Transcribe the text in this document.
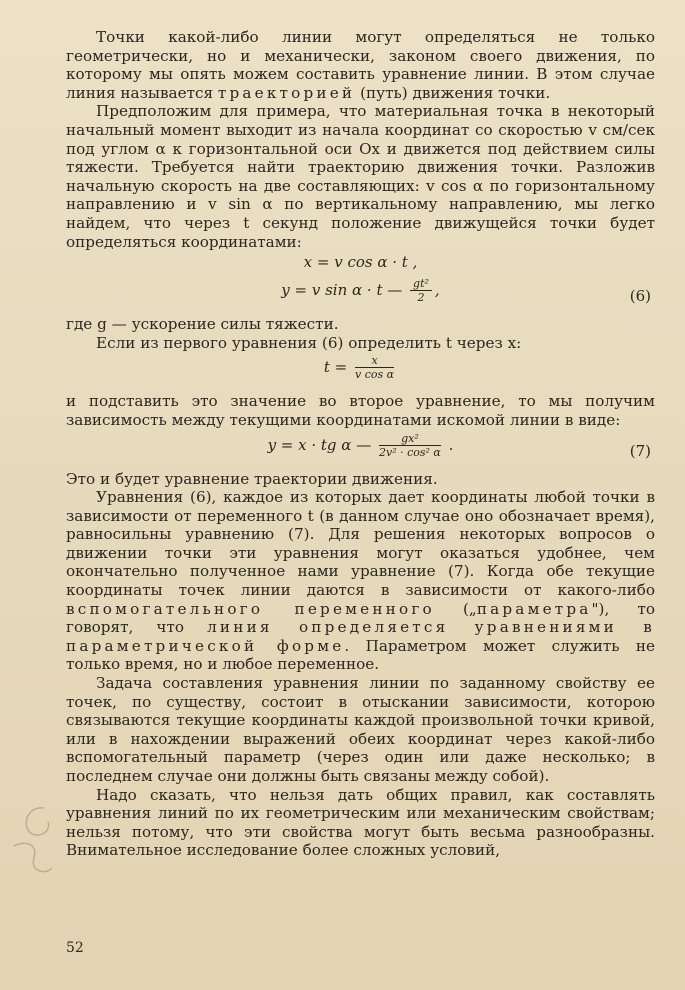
Точки какой-либо линии могут определяться не только геометрически, но и механически, законом своего движения, по которому мы опять можем составить уравнение линии. В этом случае линия называется траекторией (путь) движения точки.

Предположим для примера, что материальная точка в некоторый начальный момент выходит из начала координат со скоростью v см/сек под углом α к горизонтальной оси Ox и движется под действием силы тяжести. Требуется найти траекторию движения точки. Разложив начальную скорость на две составляющих: v cos α по горизонтальному направлению и v sin α по вертикальному направлению, мы легко найдем, что через t секунд положение движущейся точки будет определяться координатами:

x = v cos α · t ,
y = v sin α · t — $\frac{\text{gt²}}{2}$ ,	(6)

где g — ускорение силы тяжести.

Если из первого уравнения (6) определить t через x:

$t = \frac{x}{\text{v cos α}}$

и подставить это значение во второе уравнение, то мы получим зависимость между текущими координатами искомой линии в виде:

y = x · tg α — $\frac{\text{gx²}}{\text{2v² · cos² α}}$ .	(7)

Это и будет уравнение траектории движения.

Уравнения (6), каждое из которых дает координаты любой точки в зависимости от переменного t (в данном случае оно обозначает время), равносильны уравнению (7). Для решения некоторых вопросов о движении точки эти уравнения могут оказаться удобнее, чем окончательно полученное нами уравнение (7). Когда обе текущие координаты точек линии даются в зависимости от какого-либо вспомогательного переменного („параметра"), то говорят, что линия определяется уравнениями в параметрической форме. Параметром может служить не только время, но и любое переменное.

Задача составления уравнения линии по заданному свойству ее точек, по существу, состоит в отыскании зависимости, которою связываются текущие координаты каждой произвольной точки кривой, или в нахождении выражений обеих координат через какой-либо вспомогательный параметр (через один или даже несколько; в последнем случае они должны быть связаны между собой).

Надо сказать, что нельзя дать общих правил, как составлять уравнения линий по их геометрическим или механическим свойствам; нельзя потому, что эти свойства могут быть весьма разнообразны. Внимательное исследование более сложных условий,

52
